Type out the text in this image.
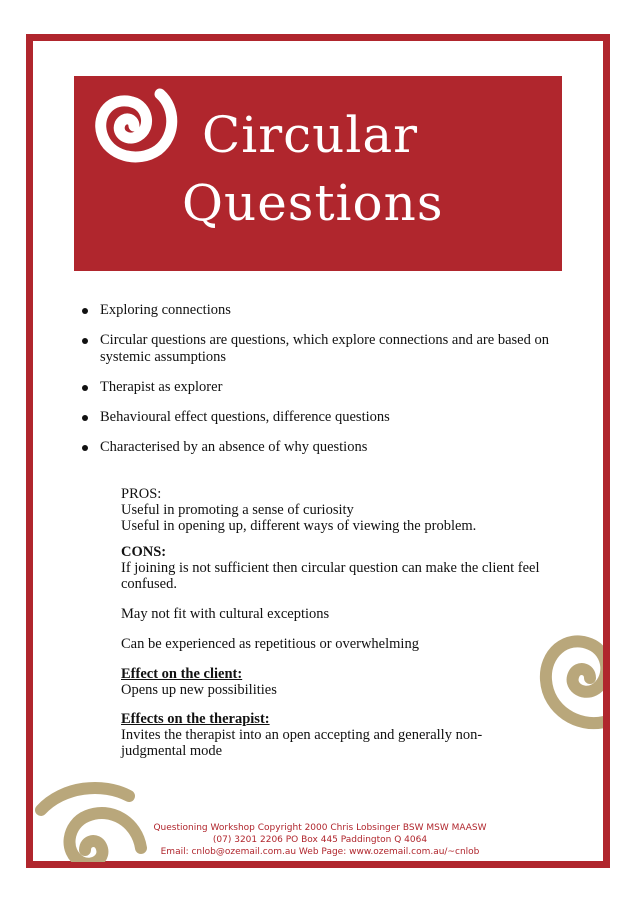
Circular
Questions
Exploring connections
Circular questions are questions, which explore connections and are based on systemic assumptions
Therapist as explorer
Behavioural effect questions, difference questions
Characterised by an absence of why questions

PROS:

Useful in promoting a sense of curiosity

Useful in opening up, different ways of viewing the problem.

CONS:

If joining is not sufficient then circular question can make the client feel confused.

May not fit with cultural exceptions

Can be experienced as repetitious or overwhelming

Effect on the client:

Opens up new possibilities

Effects on the therapist:

Invites the therapist into an open accepting and generally non-judgmental mode

Questioning Workshop Copyright 2000 Chris Lobsinger BSW MSW MAASW
(07) 3201 2206 PO Box 445 Paddington Q 4064
Email: cnlob@ozemail.com.au Web Page: www.ozemail.com.au/~cnlob
